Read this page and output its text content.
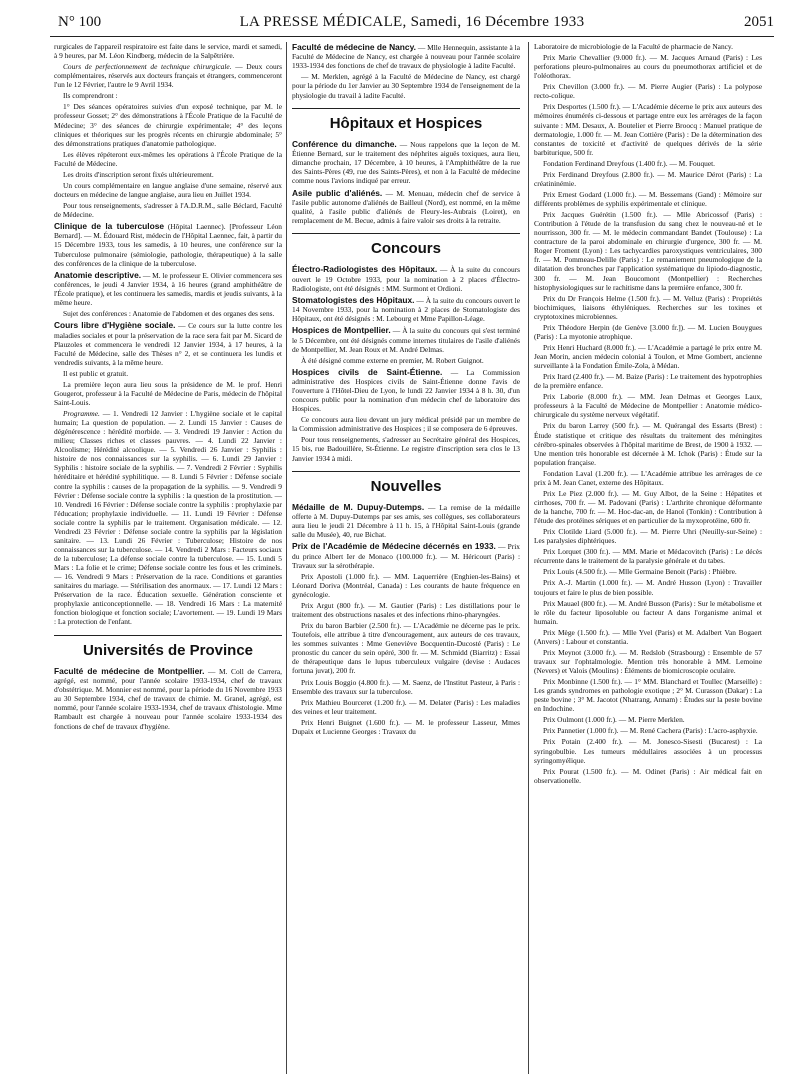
N° 100	LA PRESSE MÉDICALE, Samedi, 16 Décembre 1933	2051

rurgicales de l'appareil respiratoire est faite dans le service, mardi et samedi, à 9 heures, par M. Léon Kindberg, médecin de la Salpêtrière.

Cours de perfectionnement de technique chirurgicale. — Deux cours complémentaires, réservés aux docteurs français et étrangers, commenceront l'un le 12 Février, l'autre le 9 Avril 1934.

Ils comprendront :

1° Des séances opératoires suivies d'un exposé technique, par M. le professeur Gosset; 2° des démonstrations à l'École Pratique de la Faculté de Médecine; 3° des séances de chirurgie expérimentale; 4° des leçons cliniques et théoriques sur les progrès récents en chirurgie abdominale; 5° des démonstrations pratiques d'anatomie pathologique.

Les élèves répéteront eux-mêmes les opérations à l'École Pratique de la Faculté de Médecine.

Les droits d'inscription seront fixés ultérieurement.

Un cours complémentaire en langue anglaise d'une semaine, réservé aux docteurs en médecine de langue anglaise, aura lieu en Juillet 1934.

Pour tous renseignements, s'adresser à l'A.D.R.M., salle Béclard, Faculté de Médecine.

Clinique de la tuberculose (Hôpital Laennec). [Professeur Léon Bernard]. — M. Édouard Rist, médecin de l'Hôpital Laennec, fait, à partir du 15 Décembre 1933, tous les samedis, à 10 heures, une conférence sur la Tuberculose pulmonaire (sémiologie, pathologie, thérapeutique) à la salle des conférences de la clinique de la tuberculose.

Anatomie descriptive. — M. le professeur E. Olivier commencera ses conférences, le jeudi 4 Janvier 1934, à 16 heures (grand amphithéâtre de l'École pratique), et les continuera les samedis, mardis et jeudis suivants, à la même heure.

Sujet des conférences : Anatomie de l'abdomen et des organes des sens.

Cours libre d'Hygiène sociale. — Ce cours sur la lutte contre les maladies sociales et pour la préservation de la race sera fait par M. Sicard de Plauzoles et commencera le vendredi 12 Janvier 1934, à 17 heures, à la Faculté de Médecine, salle des Thèses n° 2, et se continuera les lundis et vendredis suivants, à la même heure.

Il est public et gratuit.

La première leçon aura lieu sous la présidence de M. le prof. Henri Gougerot, professeur à la Faculté de Médecine de Paris, médecin de l'hôpital Saint-Louis.

Programme. — 1. Vendredi 12 Janvier : L'hygiène sociale et le capital humain; La question de population. — 2. Lundi 15 Janvier : Causes de dégénérescence : hérédité morbide. — 3. Vendredi 19 Janvier : Action du milieu; Classes riches et classes pauvres. — 4. Lundi 22 Janvier : Alcoolisme; Hérédité alcoolique. — 5. Vendredi 26 Janvier : Syphilis : histoire de nos connaissances sur la syphilis. — 6. Lundi 29 Janvier : Syphilis : histoire sociale de la syphilis. — 7. Vendredi 2 Février : Syphilis héréditaire et hérédité syphilitique. — 8. Lundi 5 Février : Défense sociale contre la syphilis : causes de la propagation de la syphilis. — 9. Vendredi 9 Février : Défense sociale contre la syphilis : la question de la prostitution. — 10. Vendredi 16 Février : Défense sociale contre la syphilis : prophylaxie par l'éducation; prophylaxie individuelle. — 11. Lundi 19 Février : Défense sociale contre la syphilis par le traitement. Organisation médicale. — 12. Vendredi 23 Février : Défense sociale contre la syphilis par la législation sanitaire. — 13. Lundi 26 Février : Tuberculose; Histoire de nos connaissances sur la tuberculose. — 14. Vendredi 2 Mars : Facteurs sociaux de la tuberculose; La défense sociale contre la tuberculose. — 15. Lundi 5 Mars : La folie et le crime; Défense sociale contre les fous et les criminels. — 16. Vendredi 9 Mars : Préservation de la race. Conditions et garanties sanitaires du mariage. — Stérilisation des anormaux. — 17. Lundi 12 Mars : Préservation de la race. Éducation sexuelle. Génération consciente et prophylaxie anticonceptionnelle. — 18. Vendredi 16 Mars : La maternité fonction biologique et fonction sociale; L'avortement. — 19. Lundi 19 Mars : La protection de l'enfant.

Universités de Province

Faculté de médecine de Montpellier. — M. Coll de Carrera, agrégé, est nommé, pour l'année scolaire 1933-1934, chef de travaux d'obstétrique. M. Monnier est nommé, pour la période du 16 Novembre 1933 au 30 Septembre 1934, chef de travaux de chimie. M. Granel, agrégé, est nommé, pour l'année scolaire 1933-1934, chef de travaux d'histologie. Mme Rambault est chargée à nouveau pour l'année scolaire 1933-1934 des fonctions de chef de travaux d'hygiène.

Faculté de médecine de Nancy. — Mlle Hennequin, assistante à la Faculté de Médecine de Nancy, est chargée à nouveau pour l'année scolaire 1933-1934 des fonctions de chef de travaux de physiologie à ladite Faculté.

— M. Merklen, agrégé à la Faculté de Médecine de Nancy, est chargé pour la période du 1er Janvier au 30 Septembre 1934 de l'enseignement de la physiologie du travail à ladite Faculté.

Hôpitaux et Hospices

Conférence du dimanche. — Nous rappelons que la leçon de M. Étienne Bernard, sur le traitement des néphrites aiguës toxiques, aura lieu, dimanche prochain, 17 Décembre, à 10 heures, à l'Amphithéâtre de la rue des Saints-Pères (49, rue des Saints-Pères), et non à la Faculté de médecine comme nous l'avions indiqué par erreur.

Asile public d'aliénés. — M. Menuau, médecin chef de service à l'asile public autonome d'aliénés de Bailleul (Nord), est nommé, en la même qualité, à l'asile public d'aliénés de Fleury-les-Aubrais (Loiret), en remplacement de M. Becue, admis à faire valoir ses droits à la retraite.

Concours

Électro-Radiologistes des Hôpitaux. — À la suite du concours ouvert le 19 Octobre 1933, pour la nomination à 2 places d'Électro-Radiologiste, ont été désignés : MM. Surmont et Ordioni.

Stomatologistes des Hôpitaux. — À la suite du concours ouvert le 14 Novembre 1933, pour la nomination à 2 places de Stomatologiste des Hôpitaux, ont été désignés : M. Lebourg et Mme Papillon-Léage.

Hospices de Montpellier. — À la suite du concours qui s'est terminé le 5 Décembre, ont été désignés comme internes titulaires de l'asile d'aliénés de Montpellier, M. Jean Roux et M. André Delmas.

À été désigné comme externe en premier, M. Robert Guignot.

Hospices civils de Saint-Étienne. — La Commission administrative des Hospices civils de Saint-Étienne donne l'avis de l'ouverture à l'Hôtel-Dieu de Lyon, le lundi 22 Janvier 1934 à 8 h. 30, d'un concours public pour la nomination d'un médecin chef de laboratoire des Hospices.

Ce concours aura lieu devant un jury médical présidé par un membre de la Commission administrative des Hospices ; il se composera de 6 épreuves.

Pour tous renseignements, s'adresser au Secrétaire général des Hospices, 15 bis, rue Badouillère, St-Étienne. Le registre d'inscription sera clos le 13 Janvier 1934 à midi.

Nouvelles

Médaille de M. Dupuy-Dutemps. — La remise de la médaille offerte à M. Dupuy-Dutemps par ses amis, ses collègues, ses collaborateurs aura lieu le jeudi 21 Décembre à 11 h. 15, à l'Hôpital Saint-Louis (grande salle du Musée), 40, rue Bichat.

Prix de l'Académie de Médecine décernés en 1933. — Prix du prince Albert Ier de Monaco (100.000 fr.). — M. Héricourt (Paris) : Travaux sur la sérothérapie.

Prix Apostoli (1.000 fr.). — MM. Laquerrière (Enghien-les-Bains) et Léonard Doriva (Montréal, Canada) : Les courants de haute fréquence en gynécologie.

Prix Argut (800 fr.). — M. Gautier (Paris) : Les distillations pour le traitement des obstructions nasales et des infections rhino-pharyngées.

Prix du baron Barbier (2.500 fr.). — L'Académie ne décerne pas le prix. Toutefois, elle attribue à titre d'encouragement, aux auteurs de ces travaux, les sommes suivantes : Mme Geneviève Bocquentin-Ducosté (Paris) : Le pronostic du cancer du sein opéré, 300 fr. — M. Schmidd (Biarritz) : Essai de thérapeutique dans le lupus tuberculeux vulgaire (devise : Audaces fortuna juvat), 200 fr.

Prix Louis Boggio (4.800 fr.). — M. Saenz, de l'Institut Pasteur, à Paris : Ensemble des travaux sur la tuberculose.

Prix Mathieu Bourceret (1.200 fr.). — M. Delater (Paris) : Les maladies des veines et leur traitement.

Prix Henri Buignet (1.600 fr.). — M. le professeur Lasseur, Mmes Dupaix et Lucienne Georges : Travaux du

Laboratoire de microbiologie de la Faculté de pharmacie de Nancy.

Prix Marie Chevallier (9.000 fr.). — M. Jacques Arnaud (Paris) : Les perforations pleuro-pulmonaires au cours du pneumothorax artificiel et de l'oléothorax.

Prix Chevillon (3.000 fr.). — M. Pierre Augier (Paris) : La polypose recto-colique.

Prix Desportes (1.500 fr.). — L'Académie décerne le prix aux auteurs des mémoires énumérés ci-dessous et partage entre eux les arrérages de la façon suivante : MM. Desaux, A. Boutelier et Pierre Broocq : Manuel pratique de dermatologie, 1.000 fr. — M. Jean Cottière (Paris) : De la détermination des constantes de toxicité et d'activité de quelques dérivés de la série barbiturique, 500 fr.

Fondation Ferdinand Dreyfous (1.400 fr.). — M. Fouquet.

Prix Ferdinand Dreyfous (2.800 fr.). — M. Maurice Dérot (Paris) : La créatininémie.

Prix Ernest Godard (1.000 fr.). — M. Bessemans (Gand) : Mémoire sur différents problèmes de syphilis expérimentale et clinique.

Prix Jacques Guérétin (1.500 fr.). — Mlle Abricossof (Paris) : Contribution à l'étude de la transfusion du sang chez le nouveau-né et le nourrisson, 300 fr. — M. le médecin commandant Bandet (Toulouse) : La contracture de la paroi abdominale en chirurgie d'urgence, 300 fr. — M. Roger Froment (Lyon) : Les tachycardies paroxystiques ventriculaires, 300 fr. — M. Pommeau-Delille (Paris) : Le remaniement pneumologique de la dilatation des bronches par l'application systématique du lipiodo-diagnostic, 300 fr. — M. Jean Boucomont (Montpellier) : Recherches histophysiologiques sur le rachitisme dans la première enfance, 300 fr.

Prix du Dr François Helme (1.500 fr.). — M. Velluz (Paris) : Propriétés biochimiques, liaisons éthyléniques. Recherches sur les toxines et cryptotoxines microbiennes.

Prix Théodore Herpin (de Genève [3.000 fr.]). — M. Lucien Bouygues (Paris) : La myotonie atrophique.

Prix Henri Huchard (8.000 fr.). — L'Académie a partagé le prix entre M. Jean Morin, ancien médecin colonial à Toulon, et Mme Gombert, ancienne surveillante à la Fondation Émile-Zola, à Médan.

Prix Itard (2.400 fr.). — M. Baize (Paris) : Le traitement des hypotrophies de la première enfance.

Prix Laborie (8.000 fr.). — MM. Jean Delmas et Georges Laux, professeurs à la Faculté de Médecine de Montpellier : Anatomie médico-chirurgicale du système nerveux végétatif.

Prix du baron Larrey (500 fr.). — M. Quérangal des Essarts (Brest) : Étude statistique et critique des résultats du traitement des méningites cérébro-spinales observées à l'hôpital maritime de Brest, de 1900 à 1932. — Une mention très honorable est décernée à M. Ichok (Paris) : Étude sur la population française.

Fondation Laval (1.200 fr.). — L'Académie attribue les arrérages de ce prix à M. Jean Canet, externe des Hôpitaux.

Prix Le Piez (2.000 fr.). — M. Guy Albot, de la Seine : Hépatites et cirrhoses, 700 fr. — M. Padovani (Paris) : L'arthrite chronique déformante de la hanche, 700 fr. — M. Hoc-dac-an, de Hanoï (Tonkin) : Contribution à l'étude des protéines sériques et en particulier de la myxoprotéine, 600 fr.

Prix Clotilde Liard (5.000 fr.). — M. Pierre Uhri (Neuilly-sur-Seine) : Les paralysies diphtériques.

Prix Lorquet (300 fr.). — MM. Marie et Médacovitch (Paris) : Le décès récurrente dans le traitement de la paralysie générale et du tabes.

Prix Louis (4.500 fr.). — Mlle Germaine Benoit (Paris) : Phièbre.

Prix A.-J. Martin (1.000 fr.). — M. André Husson (Lyon) : Travailler toujours et faire le plus de bien possible.

Prix Mauael (800 fr.). — M. André Busson (Paris) : Sur le métabolisme et le rôle du facteur liposoluble ou facteur A dans l'organisme animal et humain.

Prix Mège (1.500 fr.). — Mlle Yvel (Paris) et M. Adalbert Van Bogaert (Anvers) : Labour et constantia.

Prix Meynot (3.000 fr.). — M. Redslob (Strasbourg) : Ensemble de 57 travaux sur l'ophtalmologie. Mention très honorable à MM. Lemoine (Nevers) et Valois (Moulins) : Éléments de biomicroscopie oculaire.

Prix Monbinne (1.500 fr.). — 1° MM. Blanchard et Toullec (Marseille) : Les grands syndromes en pathologie exotique ; 2° M. Curasson (Dakar) : La peste bovine ; 3° M. Jacotot (Nhatrang, Annam) : Études sur la peste bovine en Indochine.

Prix Oulmont (1.000 fr.). — M. Pierre Merklen.

Prix Pannetier (1.000 fr.). — M. René Cachera (Paris) : L'acro-asphyxie.

Prix Potain (2.400 fr.). — M. Jonesco-Sisesti (Bucarest) : La syringobulbie. Les tumeurs médullaires associées à un processus syringomyélique.

Prix Pourat (1.500 fr.). — M. Odinet (Paris) : Air médical fait en observationelle.
